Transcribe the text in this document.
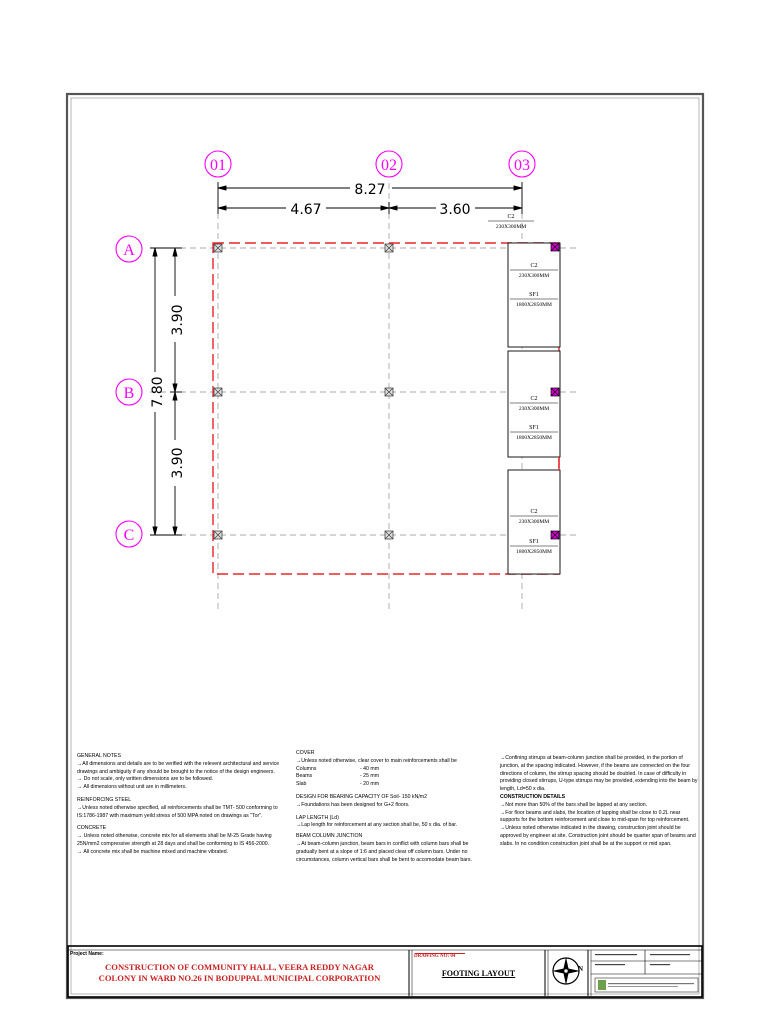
01	02	03
A
B
C
8.27
4.67	3.60
7.80
3.90
3.90
C2
230X300MM
C2
230X300MM
SF1
1800X2850MM
C2
230X300MM
SF1
1800X2850MM
C2
230X300MM
SF1
1800X2850MM

GENERAL NOTES

→All dimensions and details are to be verified with the relevent architectural and service drawings and ambiguity if any should be brought to the notice of the design engineers.

→ Do not scale, only written dimensions are to be followed.

→ All dimensions without unit are in millimeters.

REINFORCING STEEL

→Unless noted otherwise specified, all reinforcements shall be TMT- 500 conforming to IS:1786-1987 with maximum yeild stress of 500 MPA noted on drawings as "Tor".

CONCRETE

→ Unless noted otherwise, concrete mix for all elements shall be M-25 Grade having 25N/mm2 compressive strength at 28 days and shall be conforming to IS 456-2000.

→ All concrete mix shall be machine mixed and machine vibrated.

COVER

→Unless noted otherwise, clear cover to main reinforcements shall be

Columns	- 40 mm
Beams	- 25 mm
Slab	- 20 mm

DESIGN FOR BEARING CAPACITY OF Soil- 150 kN/m2

→Foundations has been designed for G+2 floors.

LAP LENGTH (Ld)

→Lap length for reinforcement at any section shall be, 50 x dia. of bar.

BEAM COLUMN JUNCTION

→At beam-column junction, beam bars in conflict with column bars shall be gradually bent at a slope of 1:6 and placed clear off column bars. Under no circumstances, column vertical bars shall be bent to accomodate beam bars.

→Confining stirrups at beam-column junction shall be provided, in the portion of junction, at the spacing indicated. However, if the beams are connected on the four directions of column, the stirrup spacing should be doubled. In case of difficulty in providing closed stirrups, U-type stirrups may be provided, extending into the beam by length, Ld=50 x dia.

CONSTRUCTION DETAILS

→Not more than 50% of the bars shall be lapped at any section.

→For floor beams and slabs, the location of lapping shall be close to 0.2L near supports for the bottom reinforcement and close to mid-span for top reinforcement.

→Unless noted otherwise indicated in the drawing, construction joint should be approved by engineer at site. Construction joint should be quarter span of beams and slabs. In no condition construction joint shall be at the support or mid span.

Project Name:
CONSTRUCTION OF COMMUNITY HALL, VEERA REDDY NAGAR
COLONY IN WARD NO.26 IN BODUPPAL MUNICIPAL CORPORATION
DRAWING NO: 04
FOOTING LAYOUT	N
